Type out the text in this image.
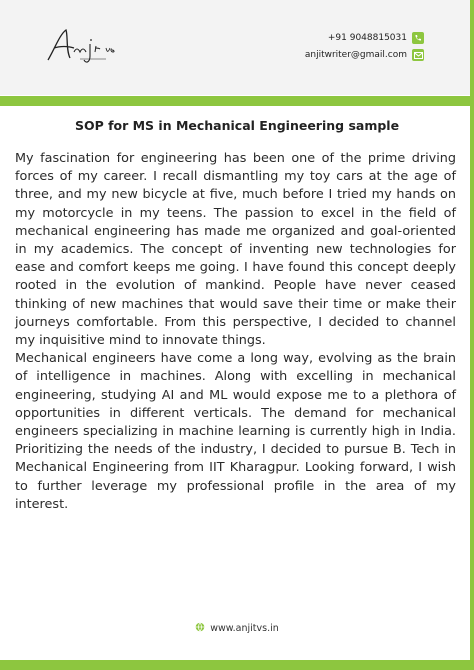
+91 9048815031
anjitwriter@gmail.com
SOP for MS in Mechanical Engineering sample

My fascination for engineering has been one of the prime driving forces of my career. I recall dismantling my toy cars at the age of three, and my new bicycle at five, much before I tried my hands on my motorcycle in my teens. The passion to excel in the field of mechanical engineering has made me organized and goal-oriented in my academics. The concept of inventing new technologies for ease and comfort keeps me going. I have found this concept deeply rooted in the evolution of mankind. People have never ceased thinking of new machines that would save their time or make their journeys comfortable. From this perspective, I decided to channel my inquisitive mind to innovate things.

Mechanical engineers have come a long way, evolving as the brain of intelligence in machines. Along with excelling in mechanical engineering, studying AI and ML would expose me to a plethora of opportunities in different verticals. The demand for mechanical engineers specializing in machine learning is currently high in India. Prioritizing the needs of the industry, I decided to pursue B. Tech in Mechanical Engineering from IIT Kharagpur. Looking forward, I wish to further leverage my professional profile in the area of my interest.

www.anjitvs.in
